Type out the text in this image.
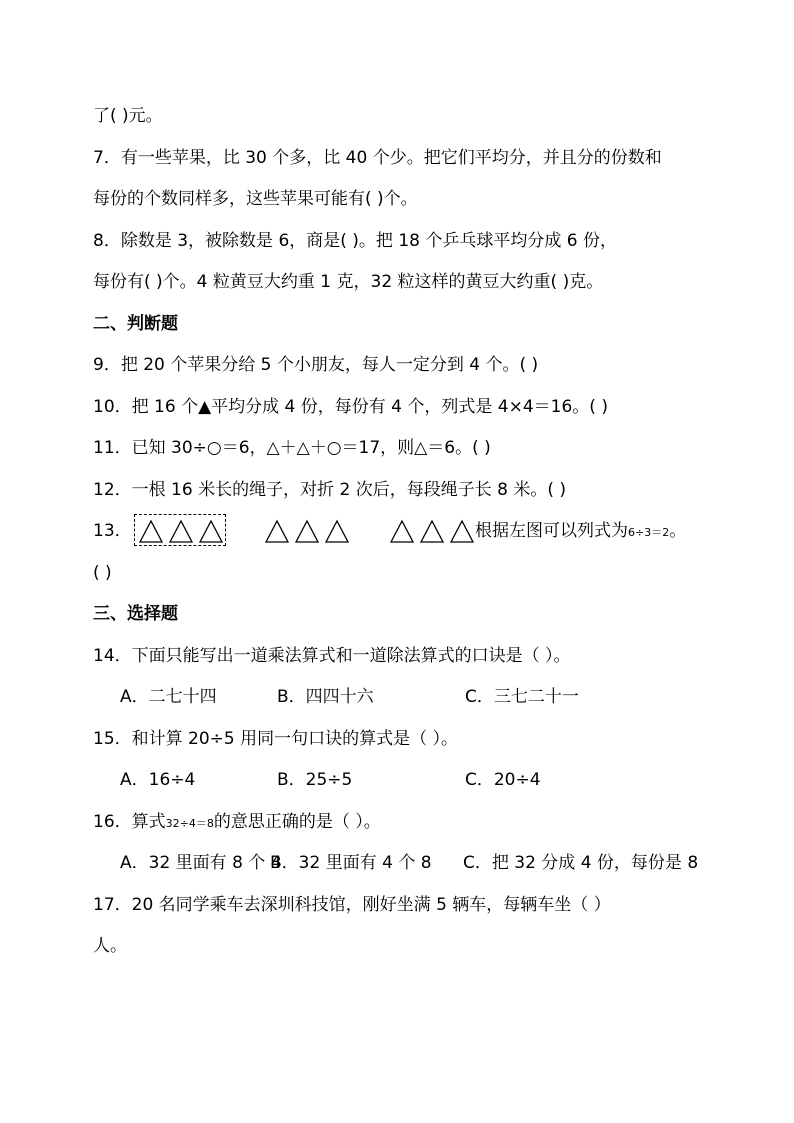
了( )元。
7．有一些苹果，比 30 个多，比 40 个少。把它们平均分，并且分的份数和
每份的个数同样多，这些苹果可能有( )个。
8．除数是 3，被除数是 6，商是( )。把 18 个乒乓球平均分成 6 份，
每份有( )个。4 粒黄豆大约重 1 克，32 粒这样的黄豆大约重( )克。
二、判断题
9．把 20 个苹果分给 5 个小朋友，每人一定分到 4 个。( )
10．把 16 个▲平均分成 4 份，每份有 4 个，列式是 4×4＝16。( )
11．已知 30÷○＝6，△＋△＋○＝17，则△＝6。( )
12．一根 16 米长的绳子，对折 2 次后，每段绳子长 8 米。( )
13．	根据左图可以列式为6÷3＝2。
( )
三、选择题
14．下面只能写出一道乘法算式和一道除法算式的口诀是（ ）。
A．二七十四	B．四四十六	C．三七二十一
15．和计算 20÷5 用同一句口诀的算式是（ ）。
A．16÷4	B．25÷5	C．20÷4
16．算式32÷4＝8的意思正确的是（ ）。
A．32 里面有 8 个 4
B．32 里面有 4 个 8 C．把 32 分成 4 份，每份是 8
17．20 名同学乘车去深圳科技馆，刚好坐满 5 辆车，每辆车坐（ ）
人。
